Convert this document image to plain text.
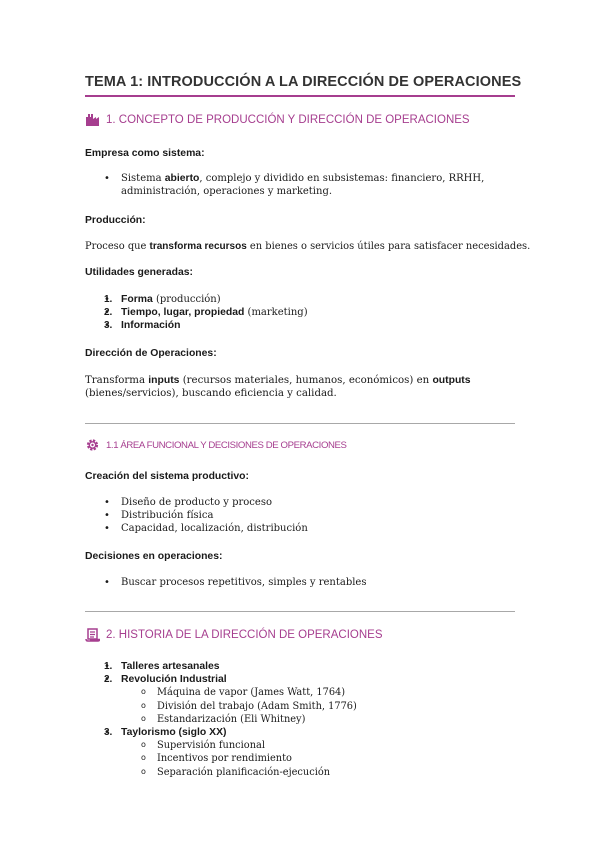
TEMA 1: INTRODUCCIÓN A LA DIRECCIÓN DE OPERACIONES
1. CONCEPTO DE PRODUCCIÓN Y DIRECCIÓN DE OPERACIONES
Empresa como sistema:
• Sistema abierto, complejo y dividido en subsistemas: financiero, RRHH,
administración, operaciones y marketing.
Producción:
Proceso que transforma recursos en bienes o servicios útiles para satisfacer necesidades.
Utilidades generadas:
• 1. Forma (producción)
• 2. Tiempo, lugar, propiedad (marketing)
• 3. Información
Dirección de Operaciones:
Transforma inputs (recursos materiales, humanos, económicos) en outputs
(bienes/servicios), buscando eficiencia y calidad.
1.1 ÁREA FUNCIONAL Y DECISIONES DE OPERACIONES
Creación del sistema productivo:
• Diseño de producto y proceso
• Distribución física
• Capacidad, localización, distribución
Decisiones en operaciones:
• Buscar procesos repetitivos, simples y rentables
2. HISTORIA DE LA DIRECCIÓN DE OPERACIONES
• 1. Talleres artesanales
• 2. Revolución Industrial
o Máquina de vapor (James Watt, 1764)
o División del trabajo (Adam Smith, 1776)
o Estandarización (Eli Whitney)
• 3. Taylorismo (siglo XX)
o Supervisión funcional
o Incentivos por rendimiento
o Separación planificación-ejecución
